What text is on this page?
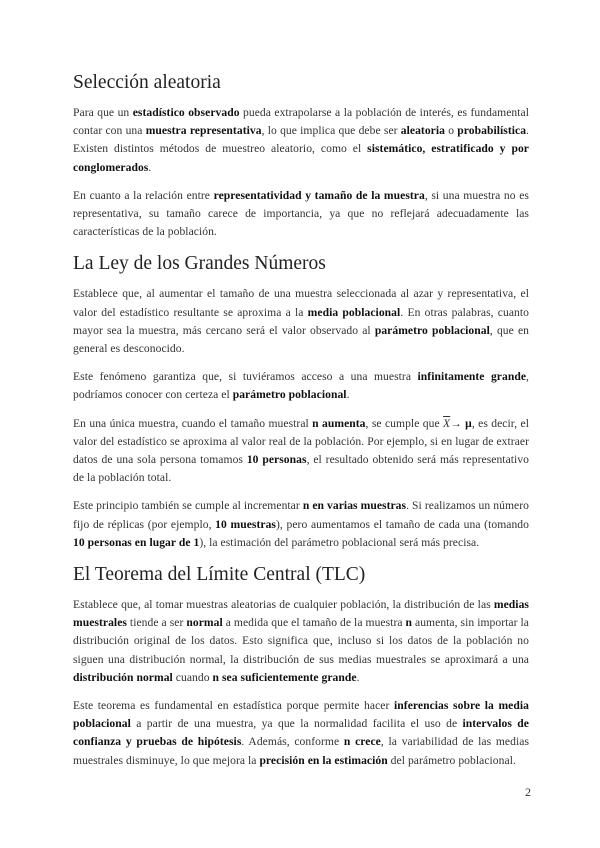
Selección aleatoria

Para que un estadístico observado pueda extrapolarse a la población de interés, es fundamental contar con una muestra representativa, lo que implica que debe ser aleatoria o probabilística. Existen distintos métodos de muestreo aleatorio, como el sistemático, estratificado y por conglomerados.

En cuanto a la relación entre representatividad y tamaño de la muestra, si una muestra no es representativa, su tamaño carece de importancia, ya que no reflejará adecuadamente las características de la población.

La Ley de los Grandes Números

Establece que, al aumentar el tamaño de una muestra seleccionada al azar y representativa, el valor del estadístico resultante se aproxima a la media poblacional. En otras palabras, cuanto mayor sea la muestra, más cercano será el valor observado al parámetro poblacional, que en general es desconocido.

Este fenómeno garantiza que, si tuviéramos acceso a una muestra infinitamente grande, podríamos conocer con certeza el parámetro poblacional.

En una única muestra, cuando el tamaño muestral n aumenta, se cumple que $\overline{X}\to \mu$, es decir, el valor del estadístico se aproxima al valor real de la población. Por ejemplo, si en lugar de extraer datos de una sola persona tomamos 10 personas, el resultado obtenido será más representativo de la población total.

Este principio también se cumple al incrementar n en varias muestras. Si realizamos un número fijo de réplicas (por ejemplo, 10 muestras), pero aumentamos el tamaño de cada una (tomando 10 personas en lugar de 1), la estimación del parámetro poblacional será más precisa.

El Teorema del Límite Central (TLC)

Establece que, al tomar muestras aleatorias de cualquier población, la distribución de las medias muestrales tiende a ser normal a medida que el tamaño de la muestra n aumenta, sin importar la distribución original de los datos. Esto significa que, incluso si los datos de la población no siguen una distribución normal, la distribución de sus medias muestrales se aproximará a una distribución normal cuando n sea suficientemente grande.

Este teorema es fundamental en estadística porque permite hacer inferencias sobre la media poblacional a partir de una muestra, ya que la normalidad facilita el uso de intervalos de confianza y pruebas de hipótesis. Además, conforme n crece, la variabilidad de las medias muestrales disminuye, lo que mejora la precisión en la estimación del parámetro poblacional.

2
